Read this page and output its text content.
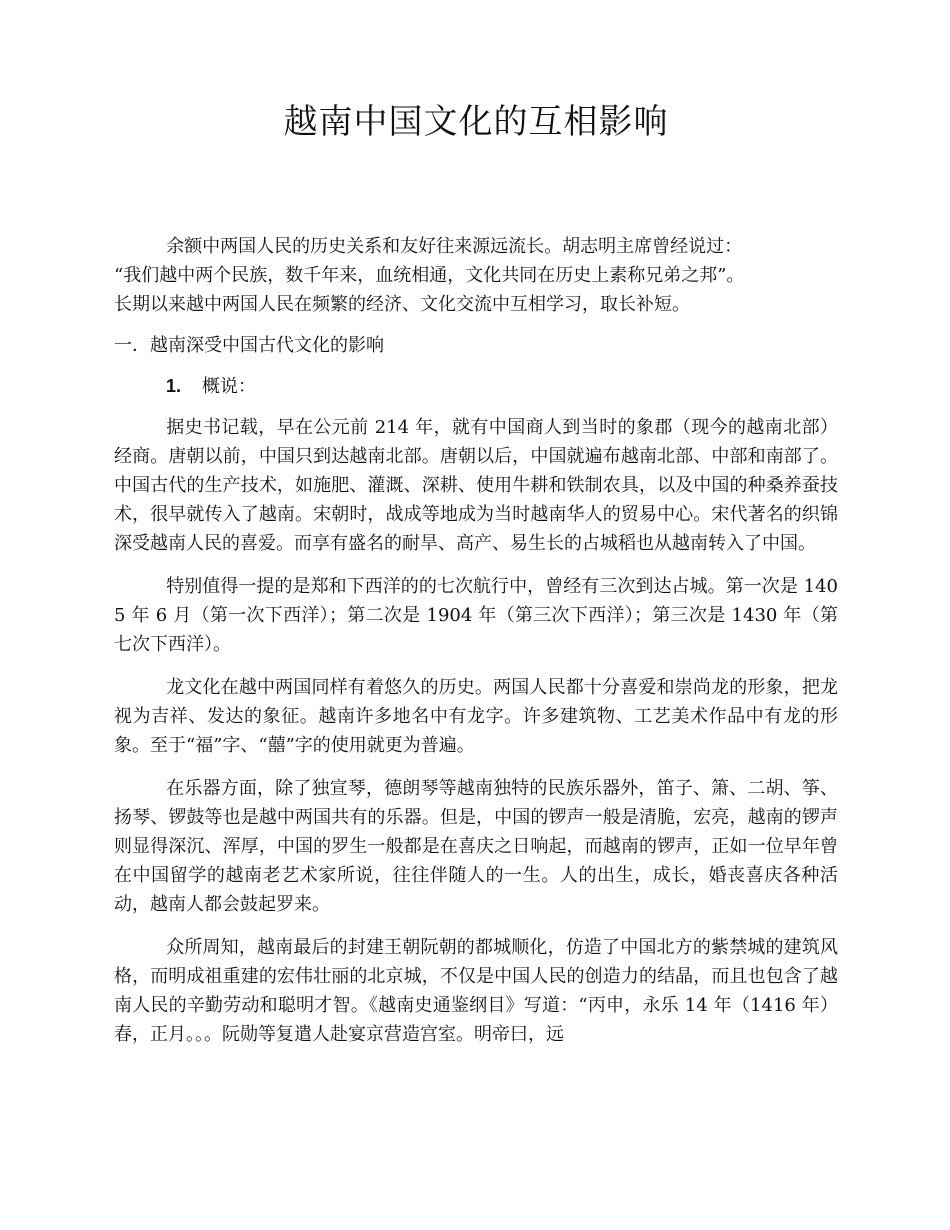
越南中国文化的互相影响

余额中两国人民的历史关系和友好往来源远流长。胡志明主席曾经说过：
“我们越中两个民族，数千年来，血统相通，文化共同在历史上素称兄弟之邦”。
长期以来越中两国人民在频繁的经济、文化交流中互相学习，取长补短。

一．越南深受中国古代文化的影响
1. 概说：

据史书记载，早在公元前 214 年，就有中国商人到当时的象郡（现今的越南北部）经商。唐朝以前，中国只到达越南北部。唐朝以后，中国就遍布越南北部、中部和南部了。中国古代的生产技术，如施肥、灌溉、深耕、使用牛耕和铁制农具，以及中国的种桑养蚕技术，很早就传入了越南。宋朝时，战成等地成为当时越南华人的贸易中心。宋代著名的织锦深受越南人民的喜爱。而享有盛名的耐旱、高产、易生长的占城稻也从越南转入了中国。

特别值得一提的是郑和下西洋的的七次航行中，曾经有三次到达占城。第一次是 1405 年 6 月（第一次下西洋）；第二次是 1904 年（第三次下西洋）；第三次是 1430 年（第七次下西洋）。

龙文化在越中两国同样有着悠久的历史。两国人民都十分喜爱和崇尚龙的形象，把龙视为吉祥、发达的象征。越南许多地名中有龙字。许多建筑物、工艺美术作品中有龙的形象。至于“福”字、“囍”字的使用就更为普遍。

在乐器方面，除了独宣琴，德朗琴等越南独特的民族乐器外，笛子、箫、二胡、筝、扬琴、锣鼓等也是越中两国共有的乐器。但是，中国的锣声一般是清脆，宏亮，越南的锣声则显得深沉、浑厚，中国的罗生一般都是在喜庆之日响起，而越南的锣声，正如一位早年曾在中国留学的越南老艺术家所说，往往伴随人的一生。人的出生，成长，婚丧喜庆各种活动，越南人都会鼓起罗来。

众所周知，越南最后的封建王朝阮朝的都城顺化，仿造了中国北方的紫禁城的建筑风格，而明成祖重建的宏伟壮丽的北京城，不仅是中国人民的创造力的结晶，而且也包含了越南人民的辛勤劳动和聪明才智。《越南史通鉴纲目》写道：“丙申，永乐 14 年（1416 年）春，正月。。。阮勋等复遣人赴宴京营造宫室。明帝曰，远
